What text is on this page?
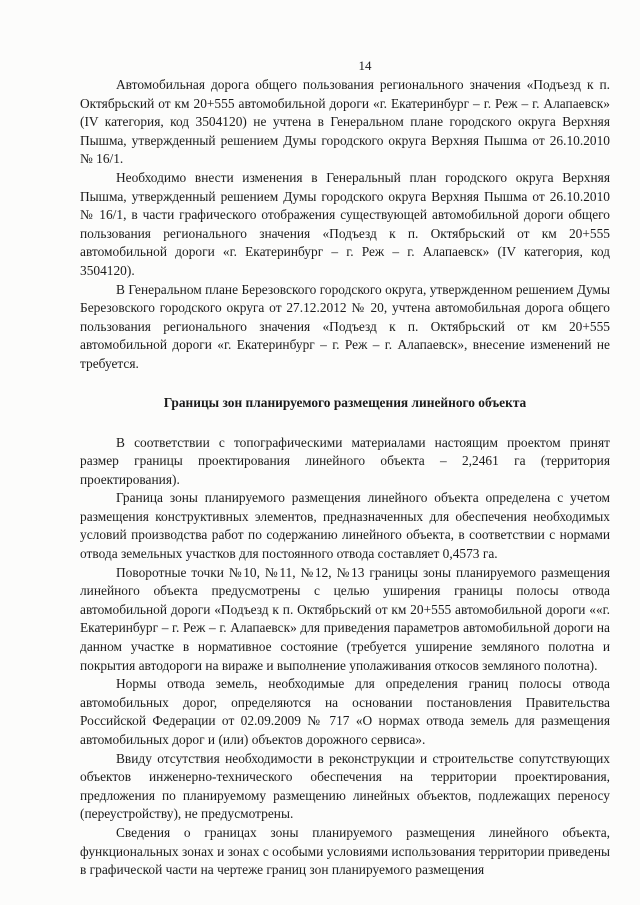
14

Автомобильная дорога общего пользования регионального значения «Подъезд к п. Октябрьский от км 20+555 автомобильной дороги «г. Екатеринбург – г. Реж – г. Алапаевск» (IV категория, код 3504120) не учтена в Генеральном плане городского округа Верхняя Пышма, утвержденный решением Думы городского округа Верхняя Пышма от 26.10.2010 № 16/1.

Необходимо внести изменения в Генеральный план городского округа Верхняя Пышма, утвержденный решением Думы городского округа Верхняя Пышма от 26.10.2010 № 16/1, в части графического отображения существующей автомобильной дороги общего пользования регионального значения «Подъезд к п. Октябрьский от км 20+555 автомобильной дороги «г. Екатеринбург – г. Реж – г. Алапаевск» (IV категория, код 3504120).

В Генеральном плане Березовского городского округа, утвержденном решением Думы Березовского городского округа от 27.12.2012 № 20, учтена автомобильная дорога общего пользования регионального значения «Подъезд к п. Октябрьский от км 20+555 автомобильной дороги «г. Екатеринбург – г. Реж – г. Алапаевск», внесение изменений не требуется.

Границы зон планируемого размещения линейного объекта

В соответствии с топографическими материалами настоящим проектом принят размер границы проектирования линейного объекта – 2,2461 га (территория проектирования).

Граница зоны планируемого размещения линейного объекта определена с учетом размещения конструктивных элементов, предназначенных для обеспечения необходимых условий производства работ по содержанию линейного объекта, в соответствии с нормами отвода земельных участков для постоянного отвода составляет 0,4573 га.

Поворотные точки №10, №11, №12, №13 границы зоны планируемого размещения линейного объекта предусмотрены с целью уширения границы полосы отвода автомобильной дороги «Подъезд к п. Октябрьский от км 20+555 автомобильной дороги ««г. Екатеринбург – г. Реж – г. Алапаевск» для приведения параметров автомобильной дороги на данном участке в нормативное состояние (требуется уширение земляного полотна и покрытия автодороги на вираже и выполнение уполаживания откосов земляного полотна).

Нормы отвода земель, необходимые для определения границ полосы отвода автомобильных дорог, определяются на основании постановления Правительства Российской Федерации от 02.09.2009 № 717 «О нормах отвода земель для размещения автомобильных дорог и (или) объектов дорожного сервиса».

Ввиду отсутствия необходимости в реконструкции и строительстве сопутствующих объектов инженерно-технического обеспечения на территории проектирования, предложения по планируемому размещению линейных объектов, подлежащих переносу (переустройству), не предусмотрены.

Сведения о границах зоны планируемого размещения линейного объекта, функциональных зонах и зонах с особыми условиями использования территории приведены в графической части на чертеже границ зон планируемого размещения
